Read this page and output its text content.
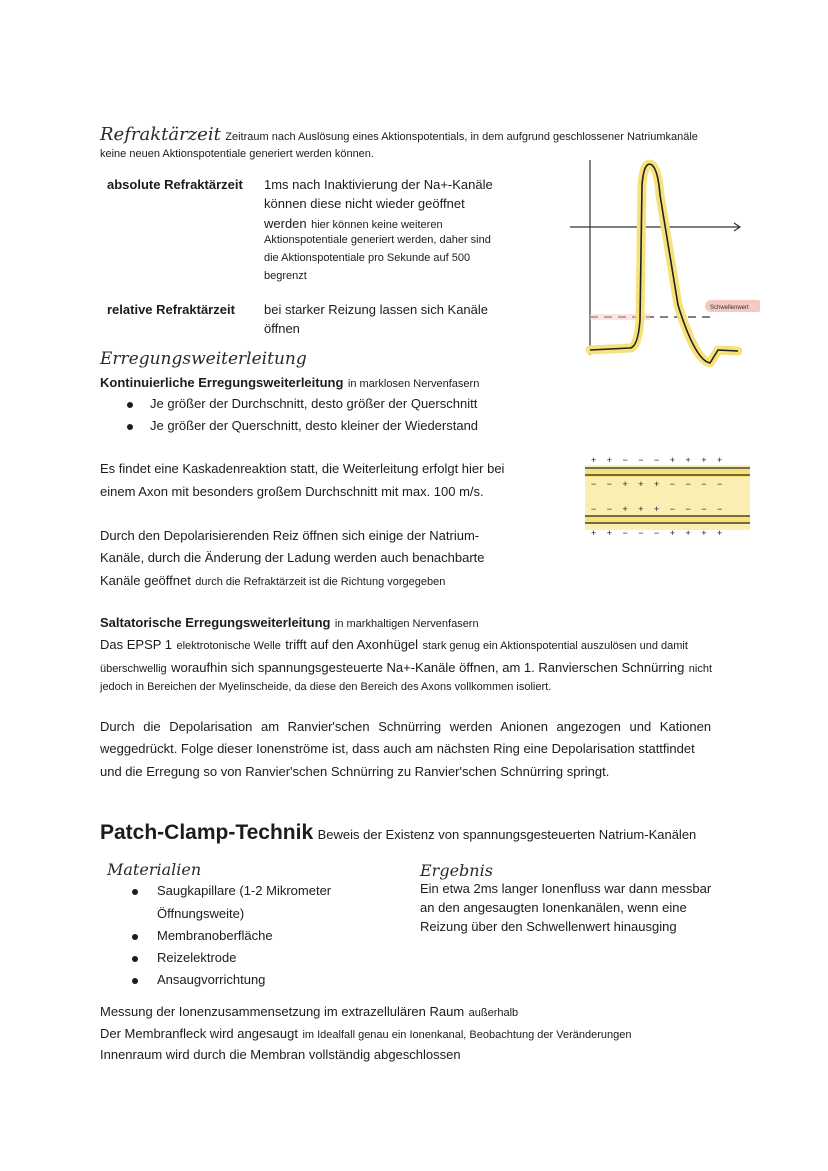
Refraktärzeit Zeitraum nach Auslösung eines Aktionspotentials, in dem aufgrund geschlossener Natriumkanäle
keine neuen Aktionspotentiale generiert werden können.
absolute Refraktärzeit 1ms nach Inaktivierung der Na+-Kanäle
können diese nicht wieder geöffnet
werden hier können keine weiteren
Aktionspotentiale generiert werden, daher sind
die Aktionspotentiale pro Sekunde auf 500
begrenzt
relative Refraktärzeit bei starker Reizung lassen sich Kanäle
öffnen
Schwellenwert
Erregungsweiterleitung
Kontinuierliche Erregungsweiterleitung in marklosen Nervenfasern
Je größer der Durchschnitt, desto größer der Querschnitt
Je größer der Querschnitt, desto kleiner der Wiederstand
Es findet eine Kaskadenreaktion statt, die Weiterleitung erfolgt hier bei
einem Axon mit besonders großem Durchschnitt mit max. 100 m/s.
Durch den Depolarisierenden Reiz öffnen sich einige der Natrium-
Kanäle, durch die Änderung der Ladung werden auch benachbarte
Kanäle geöffnet durch die Refraktärzeit ist die Richtung vorgegeben
+ + − − − + + + +
− − + + + − − − −
− − + + + − − − −
+ + − − − + + + +
Saltatorische Erregungsweiterleitung in markhaltigen Nervenfasern
Das EPSP 1 elektrotonische Welle trifft auf den Axonhügel stark genug ein Aktionspotential auszulösen und damit
überschwellig woraufhin sich spannungsgesteuerte Na+-Kanäle öffnen, am 1. Ranvierschen Schnürring nicht
jedoch in Bereichen der Myelinscheide, da diese den Bereich des Axons vollkommen isoliert.
Durch die Depolarisation am Ranvier'schen Schnürring werden Anionen angezogen und Kationen
weggedrückt. Folge dieser Ionenströme ist, dass auch am nächsten Ring eine Depolarisation stattfindet
und die Erregung so von Ranvier'schen Schnürring zu Ranvier'schen Schnürring springt.
Patch-Clamp-Technik Beweis der Existenz von spannungsgesteuerten Natrium-Kanälen
Materialien
Saugkapillare (1-2 Mikrometer
Öffnungsweite)
Membranoberfläche
Reizelektrode
Ansaugvorrichtung
Ergebnis
Ein etwa 2ms langer Ionenfluss war dann messbar
an den angesaugten Ionenkanälen, wenn eine
Reizung über den Schwellenwert hinausging
Messung der Ionenzusammensetzung im extrazellulären Raum außerhalb
Der Membranfleck wird angesaugt im Idealfall genau ein Ionenkanal, Beobachtung der Veränderungen
Innenraum wird durch die Membran vollständig abgeschlossen
